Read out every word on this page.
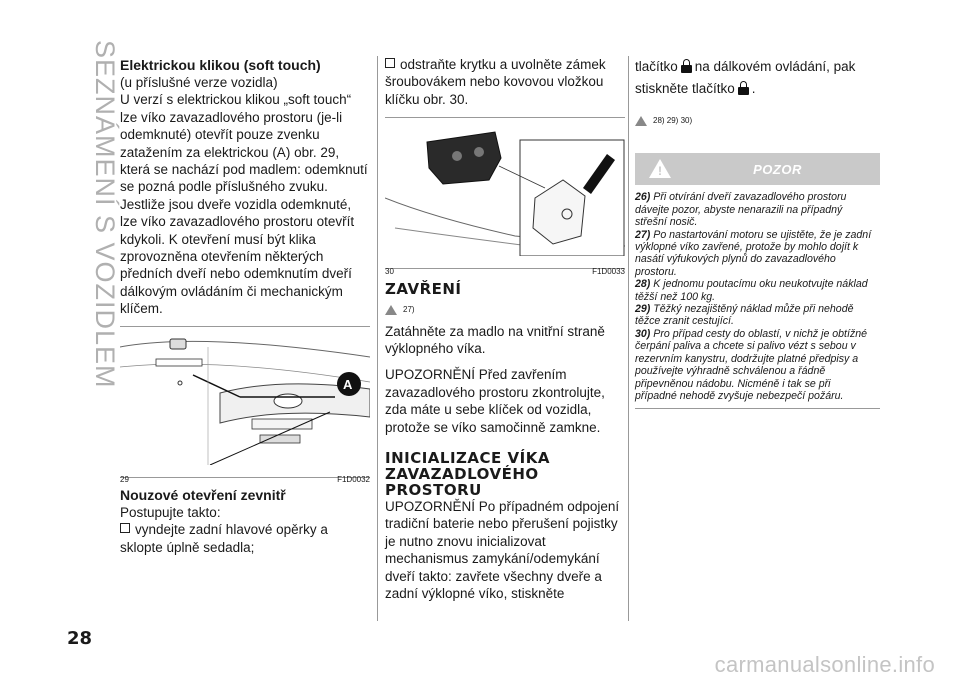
SEZNÁMENÍ S VOZIDLEM Elektrickou klikou (soft touch)

(u příslušné verze vozidla)

U verzí s elektrickou klikou „soft touch“ lze víko zavazadlového prostoru (je-li odemknuté) otevřít pouze zvenku zatažením za elektrickou (A) obr. 29, která se nachází pod madlem: odemknutí se pozná podle příslušného zvuku.

Jestliže jsou dveře vozidla odemknuté, lze víko zavazadlového prostoru otevřít kdykoli. K otevření musí být klika zprovozněna otevřením některých předních dveří nebo odemknutím dveří dálkovým ovládáním či mechanickým klíčem.

A
29	F1D0032
Nouzové otevření zevnitř

Postupujte takto:

vyndejte zadní hlavové opěrky a sklopte úplně sedadla;

odstraňte krytku a uvolněte zámek šroubovákem nebo kovovou vložkou klíčku obr. 30.

30	F1D0033

ZAVŘENÍ

27)

Zatáhněte za madlo na vnitřní straně výklopného víka.

UPOZORNĚNÍ Před zavřením zavazadlového prostoru zkontrolujte, zda máte u sebe klíček od vozidla, protože se víko samočinně zamkne.

INICIALIZACE VÍKA ZAVAZADLOVÉHO PROSTORU

UPOZORNĚNÍ Po případném odpojení tradiční baterie nebo přerušení pojistky je nutno znovu inicializovat mechanismus zamykání/odemykání dveří takto: zavřete všechny dveře a zadní výklopné víko, stiskněte

tlačítko na dálkovém ovládání, pak
stiskněte tlačítko .

28) 29) 30)
!	POZOR

26) Při otvírání dveří zavazadlového prostoru dávejte pozor, abyste nenarazili na případný střešní nosič.

27) Po nastartování motoru se ujistěte, že je zadní výklopné víko zavřené, protože by mohlo dojít k nasátí výfukových plynů do zavazadlového prostoru.

28) K jednomu poutacímu oku neukotvujte náklad těžší než 100 kg.

29) Těžký nezajištěný náklad může při nehodě těžce zranit cestující.

30) Pro případ cesty do oblastí, v nichž je obtížné čerpání paliva a chcete si palivo vézt s sebou v rezervním kanystru, dodržujte platné předpisy a používejte výhradně schválenou a řádně připevněnou nádobu. Nicméně i tak se při případné nehodě zvyšuje nebezpečí požáru.

28
carmanualsonline.info
